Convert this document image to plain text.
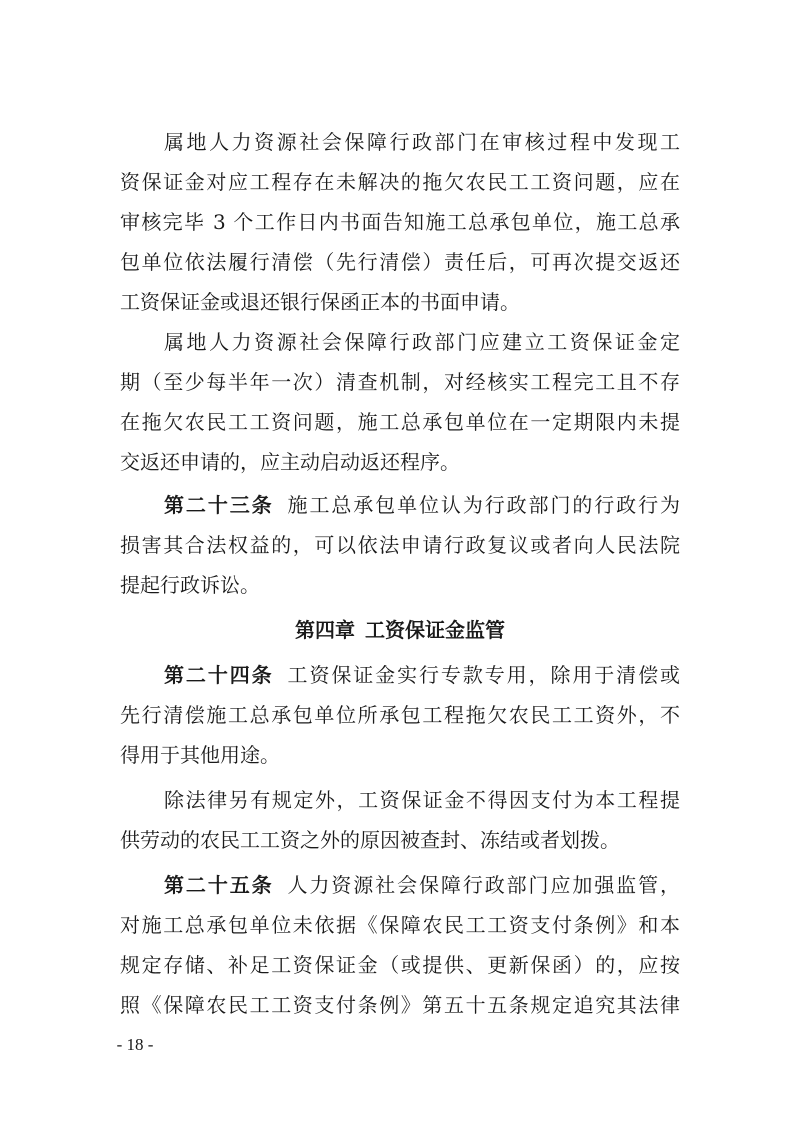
属地人力资源社会保障行政部门在审核过程中发现工
资保证金对应工程存在未解决的拖欠农民工工资问题，应在
审核完毕 3 个工作日内书面告知施工总承包单位，施工总承
包单位依法履行清偿（先行清偿）责任后，可再次提交返还
工资保证金或退还银行保函正本的书面申请。
属地人力资源社会保障行政部门应建立工资保证金定
期（至少每半年一次）清查机制，对经核实工程完工且不存
在拖欠农民工工资问题，施工总承包单位在一定期限内未提
交返还申请的，应主动启动返还程序。
第二十三条 施工总承包单位认为行政部门的行政行为
损害其合法权益的，可以依法申请行政复议或者向人民法院
提起行政诉讼。
第四章 工资保证金监管
第二十四条 工资保证金实行专款专用，除用于清偿或
先行清偿施工总承包单位所承包工程拖欠农民工工资外，不
得用于其他用途。
除法律另有规定外，工资保证金不得因支付为本工程提
供劳动的农民工工资之外的原因被查封、冻结或者划拨。
第二十五条 人力资源社会保障行政部门应加强监管，
对施工总承包单位未依据《保障农民工工资支付条例》和本
规定存储、补足工资保证金（或提供、更新保函）的，应按
照《保障农民工工资支付条例》第五十五条规定追究其法律
- 18 -
